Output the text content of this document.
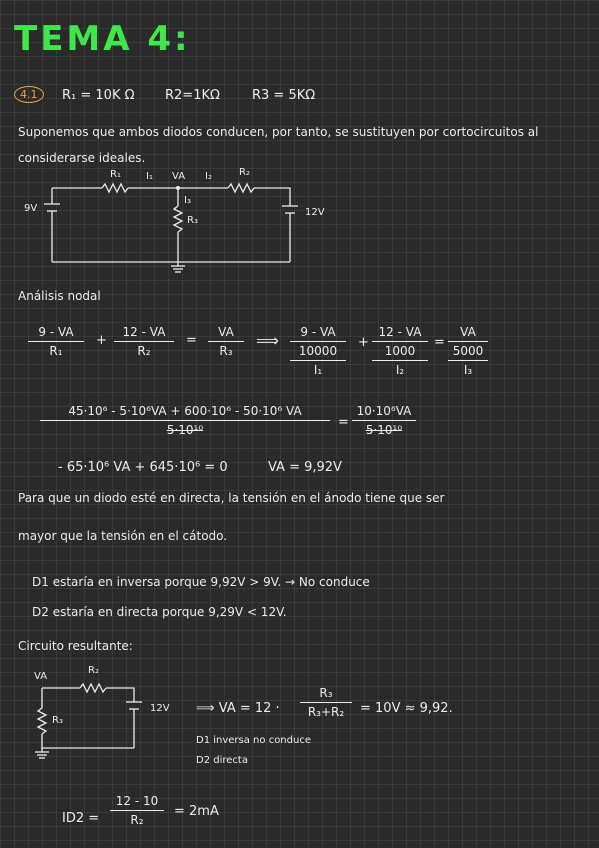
TEMA 4:
4.1	R₁ = 10K Ω R2=1KΩ R3 = 5KΩ
Suponemos que ambos diodos conducen, por tanto, se sustituyen por cortocircuitos al
considerarse ideales.
R₁	I₁ VA I₂	R₂
I₃
R₃
9V	12V
Análisis nodal
$\frac{9 - VA}{\text{R₁}} + \frac{12 - VA}{\text{R₂}} = \frac{VA}{\text{R₃}}$ ⟹	9 - VA
10000
I₁
+
12 - VA
1000
I₂
=
VA
5000
I₃
$\frac{\text{45·10⁶ - 5·10⁶VA + 600·10⁶ - 50·10⁶ VA}}{\text{5·10¹⁰}} = \frac{\text{10·10⁶VA}}{\text{5·10¹⁰}}$
- 65·10⁶ VA + 645·10⁶ = 0	VA = 9,92V
Para que un diodo esté en directa, la tensión en el ánodo tiene que ser
mayor que la tensión en el cátodo.
D1 estaría en inversa porque 9,92V > 9V. → No conduce
D2 estaría en directa porque 9,29V < 12V.
Circuito resultante:
VA
R₂
R₃
12V ⟹ VA = $12 \cdot \frac{\text{R₃}}{\text{R₃+R₂}} = 10V \approx 9,92$.
D1 inversa no conduce
D2 directa
$ID2 = \frac{12 - 10}{\text{R₂}} = 2mA$
